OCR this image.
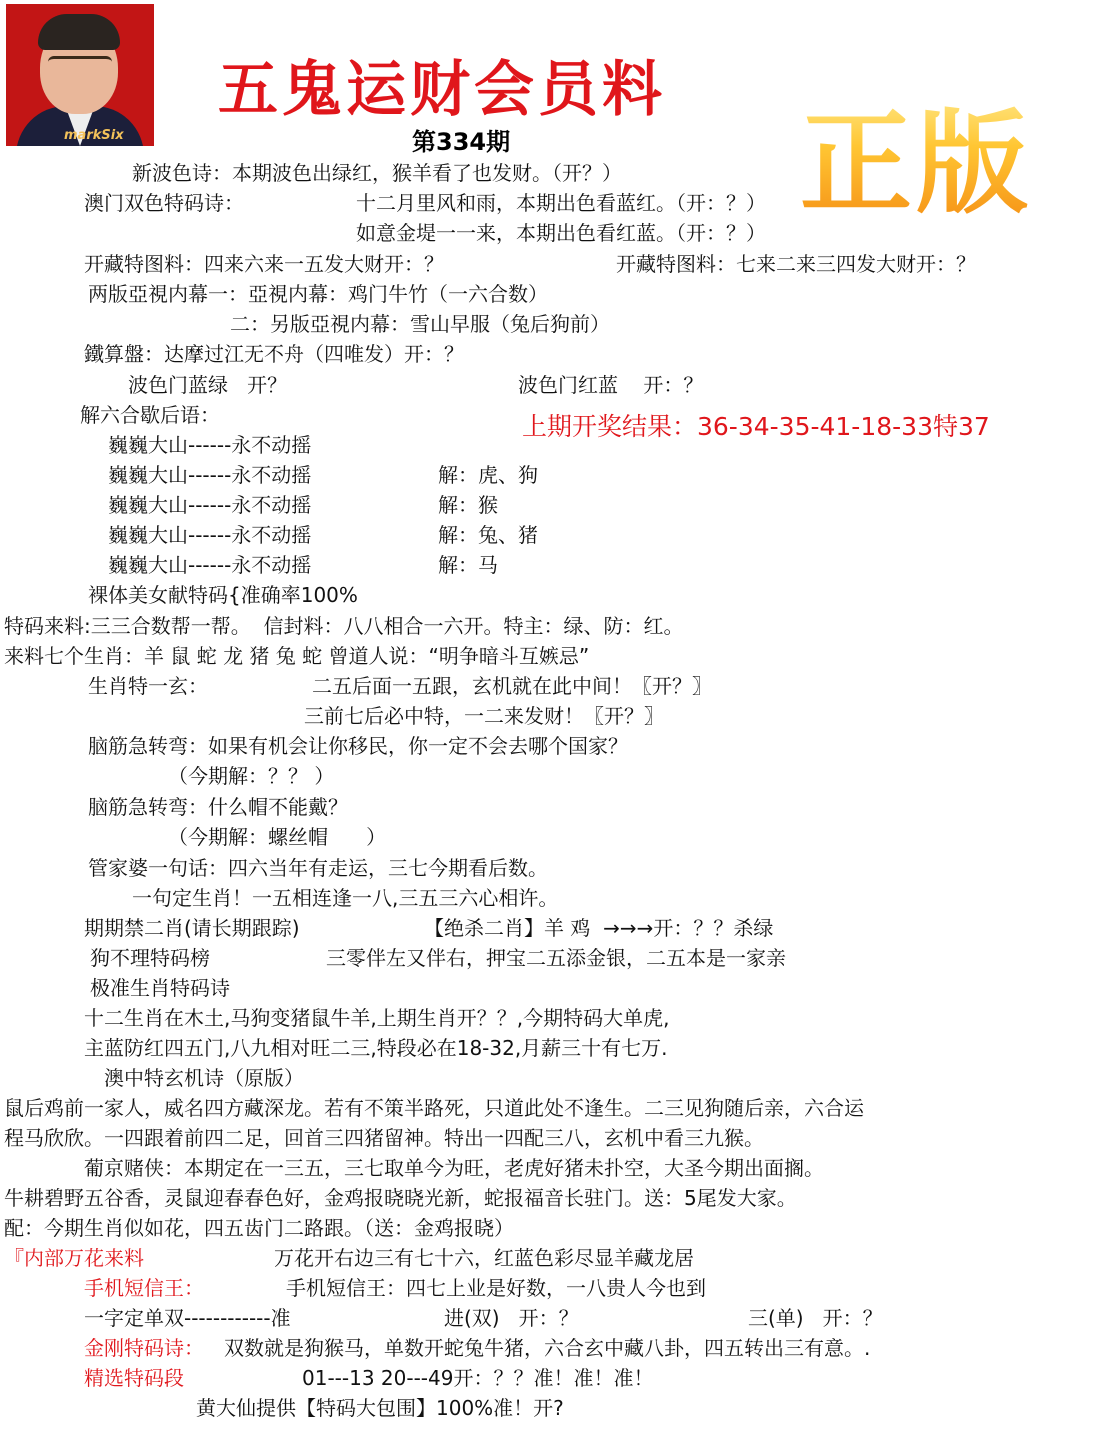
markSix
五鬼运财会员料
第334期	正版
上期开奖结果：36-34-35-41-18-33特37
新波色诗：本期波色出绿红，猴羊看了也发财。（开？）
澳门双色特码诗：	十二月里风和雨，本期出色看蓝红。（开：？）
如意金堤一一来，本期出色看红蓝。（开：？）
开藏特图料：四来六来一五发大财开：？	开藏特图料：七来二来三四发大财开：？
两版亞視内幕一：亞視内幕：鸡门牛竹（一六合数）
二：另版亞視内幕：雪山早服（兔后狗前）
鐵算盤：达摩过江无不舟（四唯发）开：？
波色门蓝绿   开？	波色门红蓝    开：？
解六合歇后语：
巍巍大山------永不动摇
巍巍大山------永不动摇	解：虎、狗
巍巍大山------永不动摇	解：猴
巍巍大山------永不动摇	解：兔、猪
巍巍大山------永不动摇	解：马
裸体美女献特码{准确率100%
特码来料:三三合数帮一帮。  信封料：八八相合一六开。特主：绿、防：红。
来料七个生肖：羊 鼠 蛇 龙 猪 兔 蛇 曾道人说：“明争暗斗互嫉忌”
生肖特一玄：	二五后面一五跟，玄机就在此中间！〖开？〗
三前七后必中特，一二来发财！〖开？〗
脑筋急转弯：如果有机会让你移民，你一定不会去哪个国家？
（今期解：？？ ）
脑筋急转弯：什么帽不能戴？
（今期解：螺丝帽      ）
管家婆一句话：四六当年有走运，三七今期看后数。
一句定生肖！一五相连逢一八,三五三六心相许。
期期禁二肖(请长期跟踪)	【绝杀二肖】羊 鸡  →→→开：？？杀绿
狗不理特码榜	三零伴左又伴右，押宝二五添金银，二五本是一家亲
极准生肖特码诗
十二生肖在木土,马狗变猪鼠牛羊,上期生肖开？？,今期特码大单虎,
主蓝防红四五门,八九相对旺二三,特段必在18-32,月薪三十有七万.
澳中特玄机诗（原版）
鼠后鸡前一家人，威名四方藏深龙。若有不策半路死，只道此处不逢生。二三见狗随后亲，六合运
程马欣欣。一四跟着前四二足，回首三四猪留神。特出一四配三八，玄机中看三九猴。
葡京赌侠：本期定在一三五，三七取单今为旺，老虎好猪未扑空，大圣今期出面搁。
牛耕碧野五谷香，灵鼠迎春春色好，金鸡报晓晓光新，蛇报福音长驻门。送：5尾发大家。
配：今期生肖似如花，四五齿门二路跟。（送：金鸡报晓）
『内部万花来料	万花开右边三有七十六，红蓝色彩尽显羊藏龙居
手机短信王：	手机短信王：四七上业是好数，一八贵人今也到
一字定单双------------准	进(双)   开：？	三(单)   开：？
金刚特码诗： 双数就是狗猴马，单数开蛇兔牛猪，六合玄中藏八卦，四五转出三有意。.
精选特码段	01---13 20---49开：？？准！准！准！
黄大仙提供【特码大包围】100%准！开?
